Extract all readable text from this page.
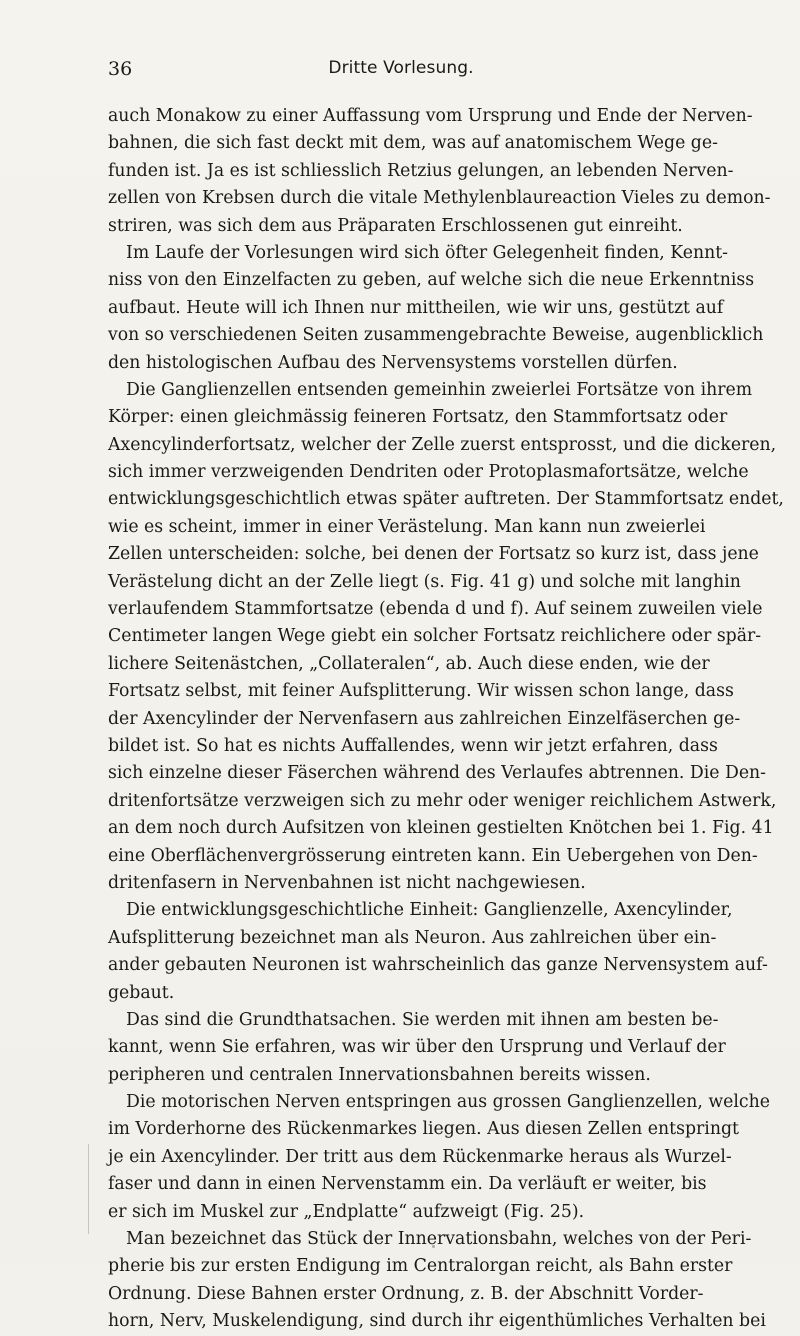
36	Dritte Vorlesung.
auch Monakow zu einer Auffassung vom Ursprung und Ende der Nerven-
bahnen, die sich fast deckt mit dem, was auf anatomischem Wege ge-
funden ist. Ja es ist schliesslich Retzius gelungen, an lebenden Nerven-
zellen von Krebsen durch die vitale Methylenblaureaction Vieles zu demon-
striren, was sich dem aus Präparaten Erschlossenen gut einreiht.
Im Laufe der Vorlesungen wird sich öfter Gelegenheit finden, Kennt-
niss von den Einzelfacten zu geben, auf welche sich die neue Erkenntniss
aufbaut. Heute will ich Ihnen nur mittheilen, wie wir uns, gestützt auf
von so verschiedenen Seiten zusammengebrachte Beweise, augenblicklich
den histologischen Aufbau des Nervensystems vorstellen dürfen.
Die Ganglienzellen entsenden gemeinhin zweierlei Fortsätze von ihrem
Körper: einen gleichmässig feineren Fortsatz, den Stammfortsatz oder
Axencylinderfortsatz, welcher der Zelle zuerst entsprosst, und die dickeren,
sich immer verzweigenden Dendriten oder Protoplasmafortsätze, welche
entwicklungsgeschichtlich etwas später auftreten. Der Stammfortsatz endet,
wie es scheint, immer in einer Verästelung. Man kann nun zweierlei
Zellen unterscheiden: solche, bei denen der Fortsatz so kurz ist, dass jene
Verästelung dicht an der Zelle liegt (s. Fig. 41 g) und solche mit langhin
verlaufendem Stammfortsatze (ebenda d und f). Auf seinem zuweilen viele
Centimeter langen Wege giebt ein solcher Fortsatz reichlichere oder spär-
lichere Seitenästchen, „Collateralen“, ab. Auch diese enden, wie der
Fortsatz selbst, mit feiner Aufsplitterung. Wir wissen schon lange, dass
der Axencylinder der Nervenfasern aus zahlreichen Einzelfäserchen ge-
bildet ist. So hat es nichts Auffallendes, wenn wir jetzt erfahren, dass
sich einzelne dieser Fäserchen während des Verlaufes abtrennen. Die Den-
dritenfortsätze verzweigen sich zu mehr oder weniger reichlichem Astwerk,
an dem noch durch Aufsitzen von kleinen gestielten Knötchen bei 1. Fig. 41
eine Oberflächenvergrösserung eintreten kann. Ein Uebergehen von Den-
dritenfasern in Nervenbahnen ist nicht nachgewiesen.
Die entwicklungsgeschichtliche Einheit: Ganglienzelle, Axencylinder,
Aufsplitterung bezeichnet man als Neuron. Aus zahlreichen über ein-
ander gebauten Neuronen ist wahrscheinlich das ganze Nervensystem auf-
gebaut.
Das sind die Grundthatsachen. Sie werden mit ihnen am besten be-
kannt, wenn Sie erfahren, was wir über den Ursprung und Verlauf der
peripheren und centralen Innervationsbahnen bereits wissen.
Die motorischen Nerven entspringen aus grossen Ganglienzellen, welche
im Vorderhorne des Rückenmarkes liegen. Aus diesen Zellen entspringt
je ein Axencylinder. Der tritt aus dem Rückenmarke heraus als Wurzel-
faser und dann in einen Nervenstamm ein. Da verläuft er weiter, bis
er sich im Muskel zur „Endplatte“ aufzweigt (Fig. 25).
Man bezeichnet das Stück der Innervationsbahn, welches von der Peri-
pherie bis zur ersten Endigung im Centralorgan reicht, als Bahn erster
Ordnung. Diese Bahnen erster Ordnung, z. B. der Abschnitt Vorder-
horn, Nerv, Muskelendigung, sind durch ihr eigenthümliches Verhalten bei
